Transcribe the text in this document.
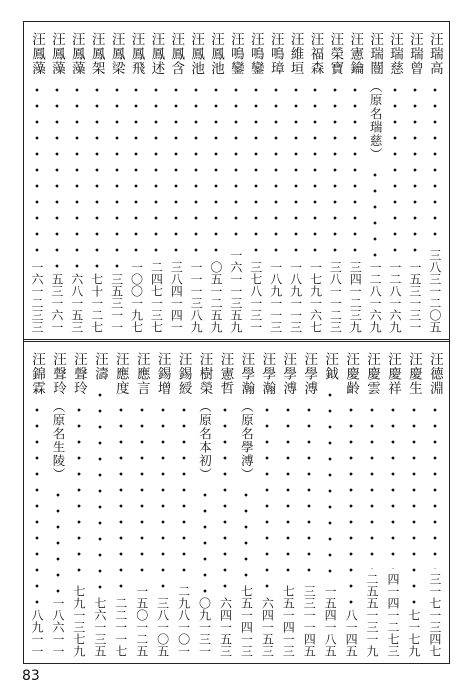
汪瑞高
三八三一二〇五
汪瑞曾
一五三一三一
汪瑞慈
一二八一六九
汪瑞闓
（原名瑞慈）
一二八一六九
汪憲鑰
三四一二三九
汪榮寶
三八一一二三
汪福森
一七九一六七
汪維垣
一八九一一三
汪鳴璋
一八九一一三
汪鳴鑾
三七八一三一
汪鳴鑾
一六一一三五九
汪鳳池
〇五一二五九
汪鳳池
一一一三八九
汪鳳含
三八四一四一
汪鳳述
二四七一三七
汪鳳飛
一〇〇一九七
汪鳳梁
三五三一一
汪鳳架
七十一二七
汪鳳藻
六八一五三
汪鳳藻
五三一六一
汪鳳藻
一六一二三三
汪德淵
三一七一三四七
汪慶生
七一七九
汪慶祥
四一四一二七三
汪慶雲
二五五一三一九
汪慶齡
八一四五
汪鉞
一五四一八五
汪學溥
三三一一四五
汪學溥
七五一四一三
汪學瀚
六四一五三
汪學瀚
（原名學溥）
七五一四一三
汪憲哲
六四一五三
汪樹榮
（原名本初）
〇九一三一
汪錫綬
二九八一〇一
汪錫增
三八一〇五
汪應言
一五〇一二五
汪應度
二二一一七
汪濤
七六一三五
汪聲玲
七九一三七九
汪聲玲
（原名生陵）
一八六一一
汪錦霖
八九一一
83
